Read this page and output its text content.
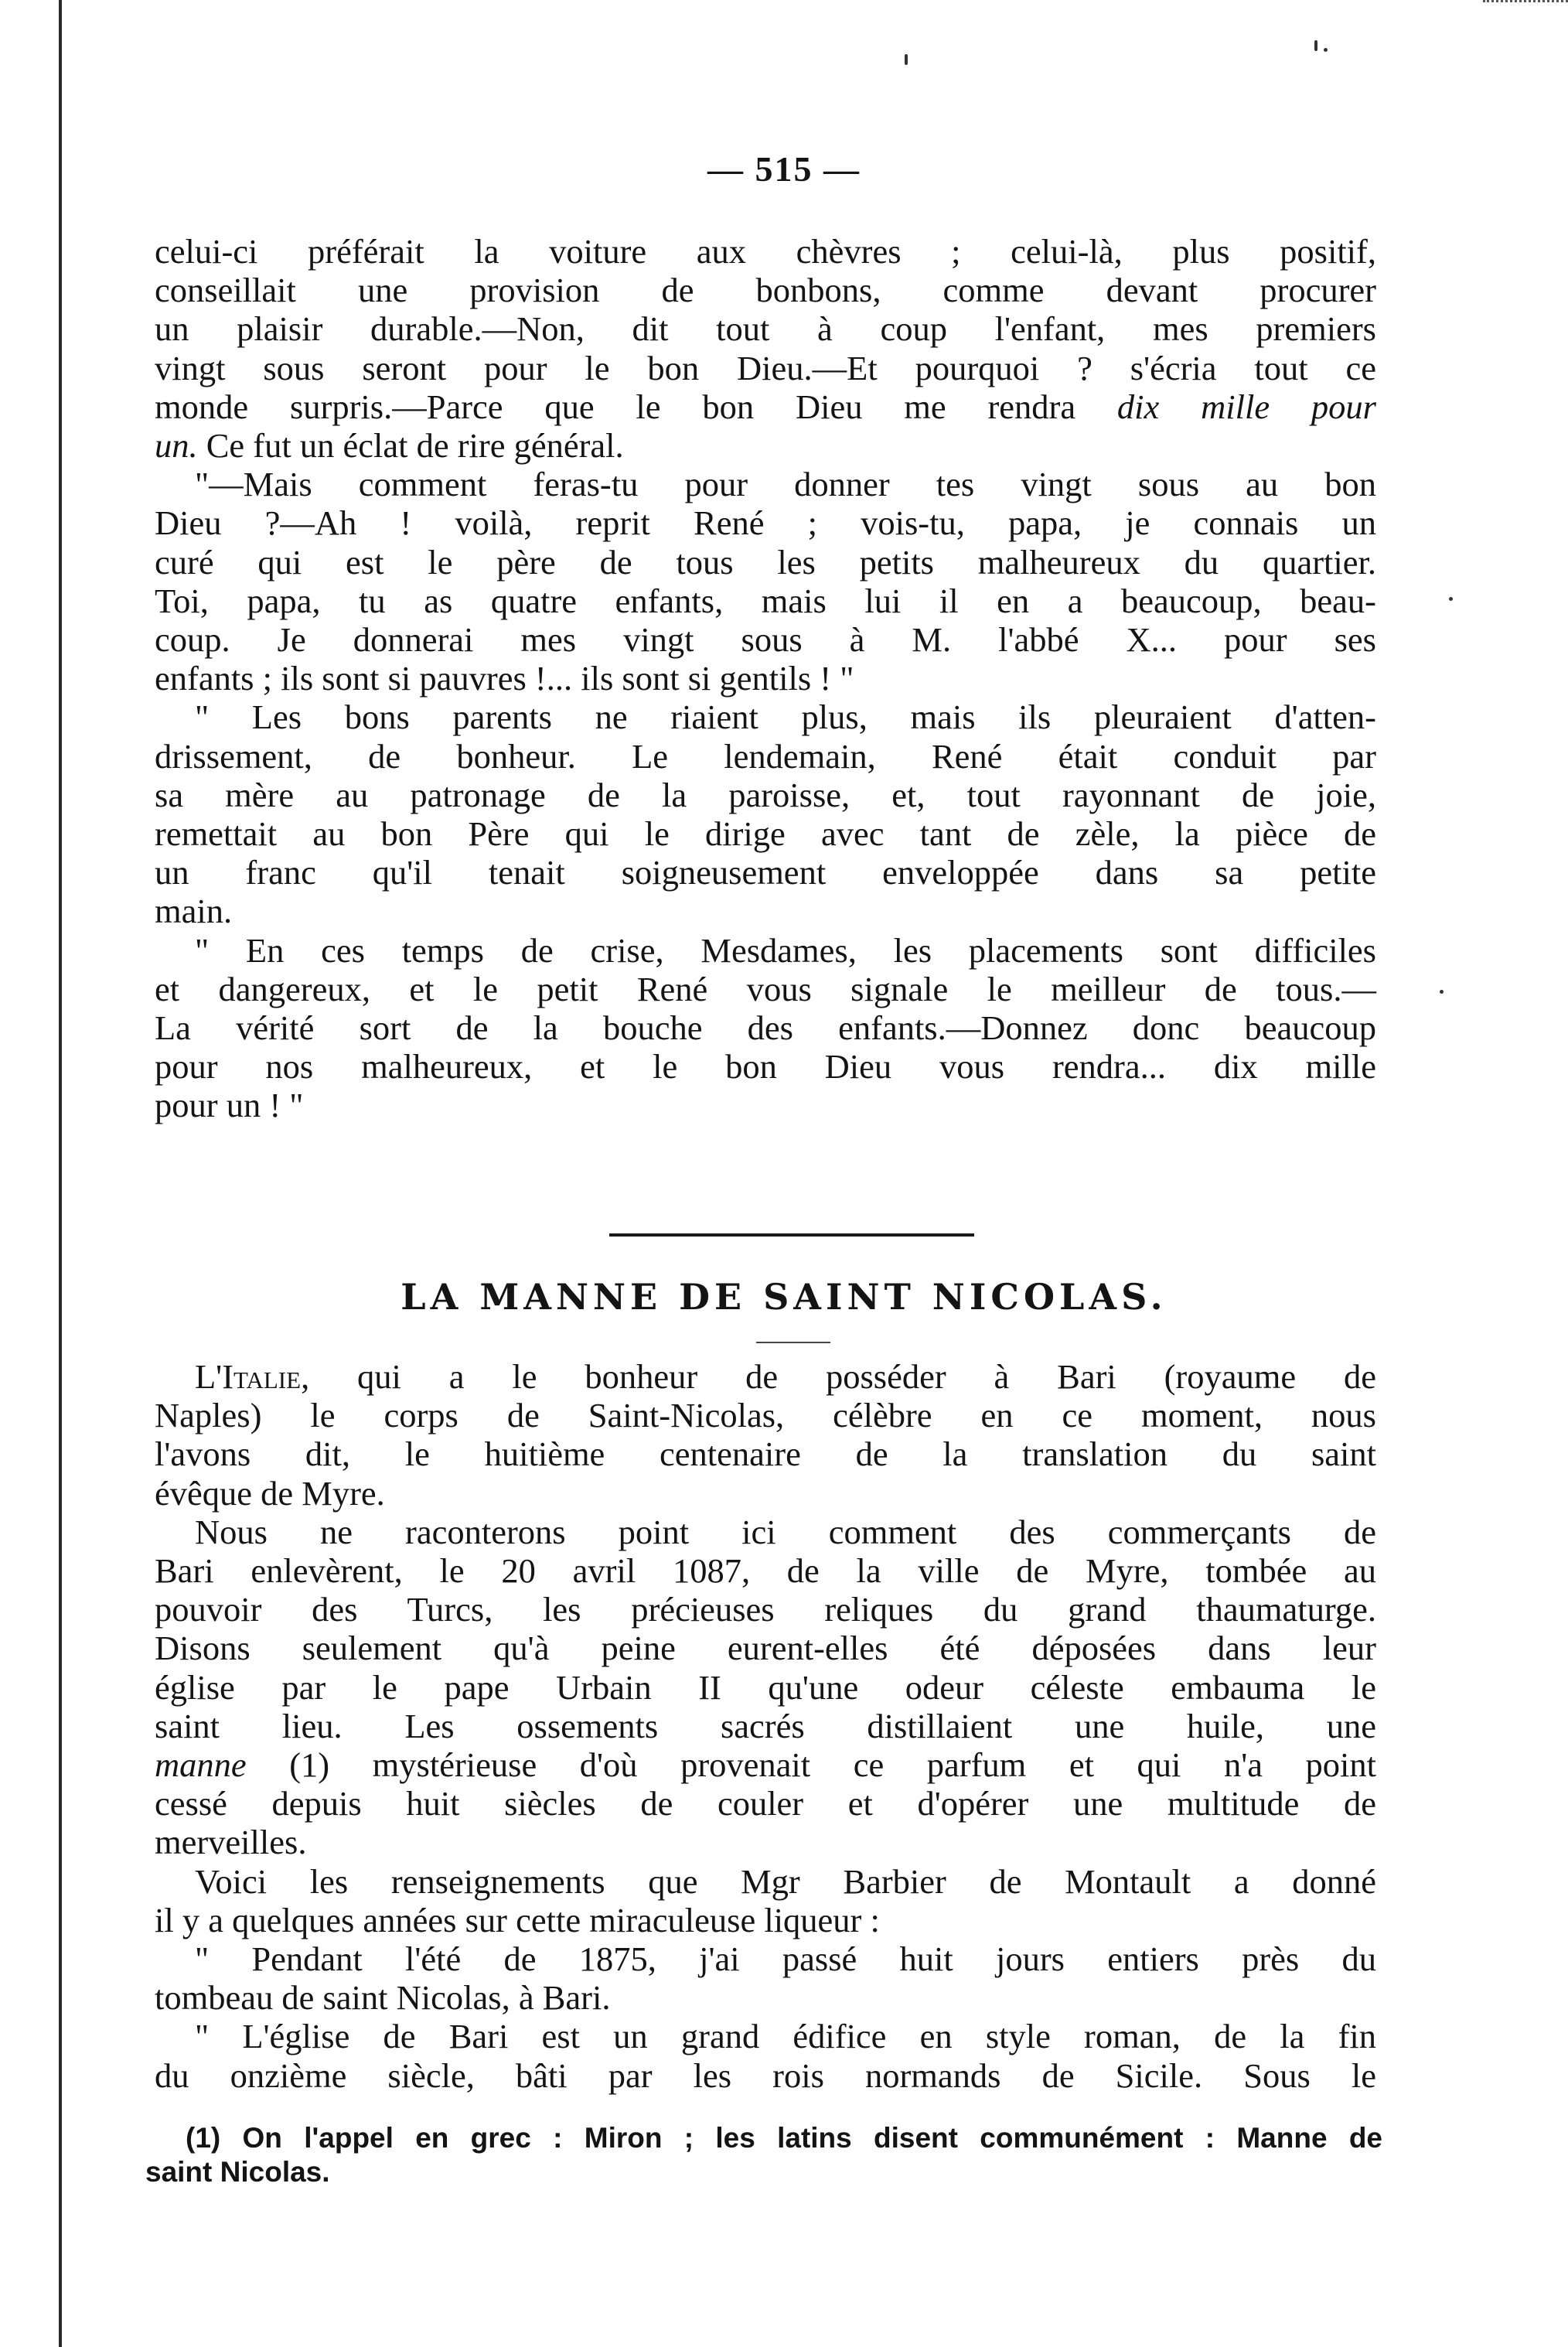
— 515 —
celui-ci préférait la voiture aux chèvres ; celui-là, plus positif,
conseillait une provision de bonbons, comme devant procurer
un plaisir durable.—Non, dit tout à coup l'enfant, mes premiers
vingt sous seront pour le bon Dieu.—Et pourquoi ? s'écria tout ce
monde surpris.—Parce que le bon Dieu me rendra dix mille pour
un. Ce fut un éclat de rire général.
"—Mais comment feras-tu pour donner tes vingt sous au bon
Dieu ?—Ah ! voilà, reprit René ; vois-tu, papa, je connais un
curé qui est le père de tous les petits malheureux du quartier.
Toi, papa, tu as quatre enfants, mais lui il en a beaucoup, beau-
coup. Je donnerai mes vingt sous à M. l'abbé X... pour ses
enfants ; ils sont si pauvres !... ils sont si gentils ! "
" Les bons parents ne riaient plus, mais ils pleuraient d'atten-
drissement, de bonheur. Le lendemain, René était conduit par
sa mère au patronage de la paroisse, et, tout rayonnant de joie,
remettait au bon Père qui le dirige avec tant de zèle, la pièce de
un franc qu'il tenait soigneusement enveloppée dans sa petite
main.
" En ces temps de crise, Mesdames, les placements sont difficiles
et dangereux, et le petit René vous signale le meilleur de tous.—
La vérité sort de la bouche des enfants.—Donnez donc beaucoup
pour nos malheureux, et le bon Dieu vous rendra... dix mille
pour un ! "
LA MANNE DE SAINT NICOLAS.
L'Italie, qui a le bonheur de posséder à Bari (royaume de
Naples) le corps de Saint-Nicolas, célèbre en ce moment, nous
l'avons dit, le huitième centenaire de la translation du saint
évêque de Myre.
Nous ne raconterons point ici comment des commerçants de
Bari enlevèrent, le 20 avril 1087, de la ville de Myre, tombée au
pouvoir des Turcs, les précieuses reliques du grand thaumaturge.
Disons seulement qu'à peine eurent-elles été déposées dans leur
église par le pape Urbain II qu'une odeur céleste embauma le
saint lieu. Les ossements sacrés distillaient une huile, une
manne (1) mystérieuse d'où provenait ce parfum et qui n'a point
cessé depuis huit siècles de couler et d'opérer une multitude de
merveilles.
Voici les renseignements que Mgr Barbier de Montault a donné
il y a quelques années sur cette miraculeuse liqueur :
" Pendant l'été de 1875, j'ai passé huit jours entiers près du
tombeau de saint Nicolas, à Bari.
" L'église de Bari est un grand édifice en style roman, de la fin
du onzième siècle, bâti par les rois normands de Sicile. Sous le
(1) On l'appel en grec : Miron ; les latins disent communément : Manne de
saint Nicolas.
